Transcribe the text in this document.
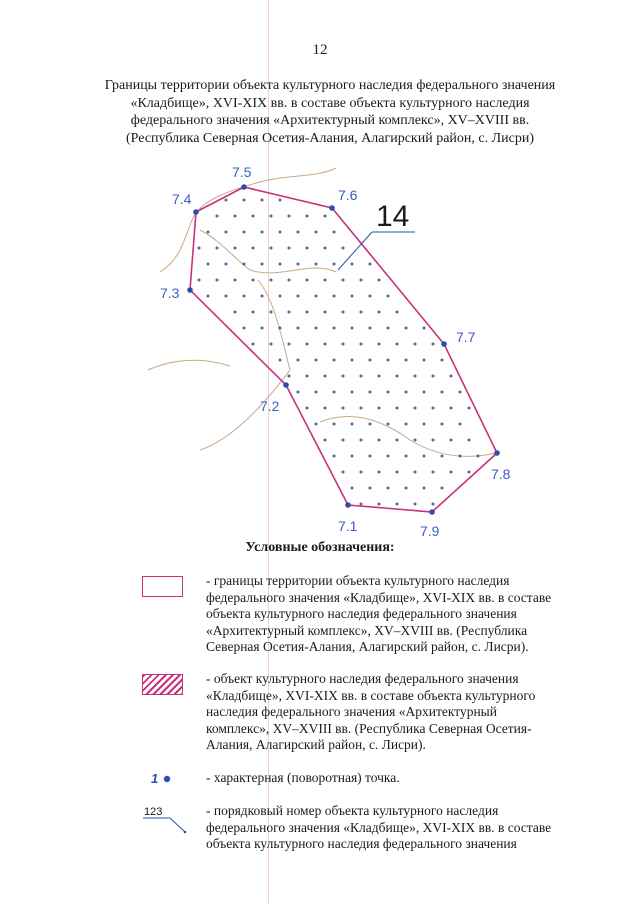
12
Границы территории объекта культурного наследия федерального значения
«Кладбище», XVI-XIX вв. в составе объекта культурного наследия
федерального значения «Архитектурный комплекс», XV–XVIII вв.
(Республика Северная Осетия-Алания, Алагирский район, с. Лисри)
14
7.1
7.2
7.3
7.4
7.5
7.6
7.7
7.8
7.9
Условные обозначения:
- границы территории объекта культурного наследия
федерального значения «Кладбище», XVI-XIX вв. в составе
объекта культурного наследия федерального значения
«Архитектурный комплекс», XV–XVIII вв. (Республика
Северная Осетия-Алания, Алагирский район, с. Лисри).
- объект культурного наследия федерального значения
«Кладбище», XVI-XIX вв. в составе объекта культурного
наследия федерального значения «Архитектурный
комплекс», XV–XVIII вв. (Республика Северная Осетия-
Алания, Алагирский район, с. Лисри).
1	- характерная (поворотная) точка.
123	- порядковый номер объекта культурного наследия
федерального значения «Кладбище», XVI-XIX вв. в составе
объекта культурного наследия федерального значения
